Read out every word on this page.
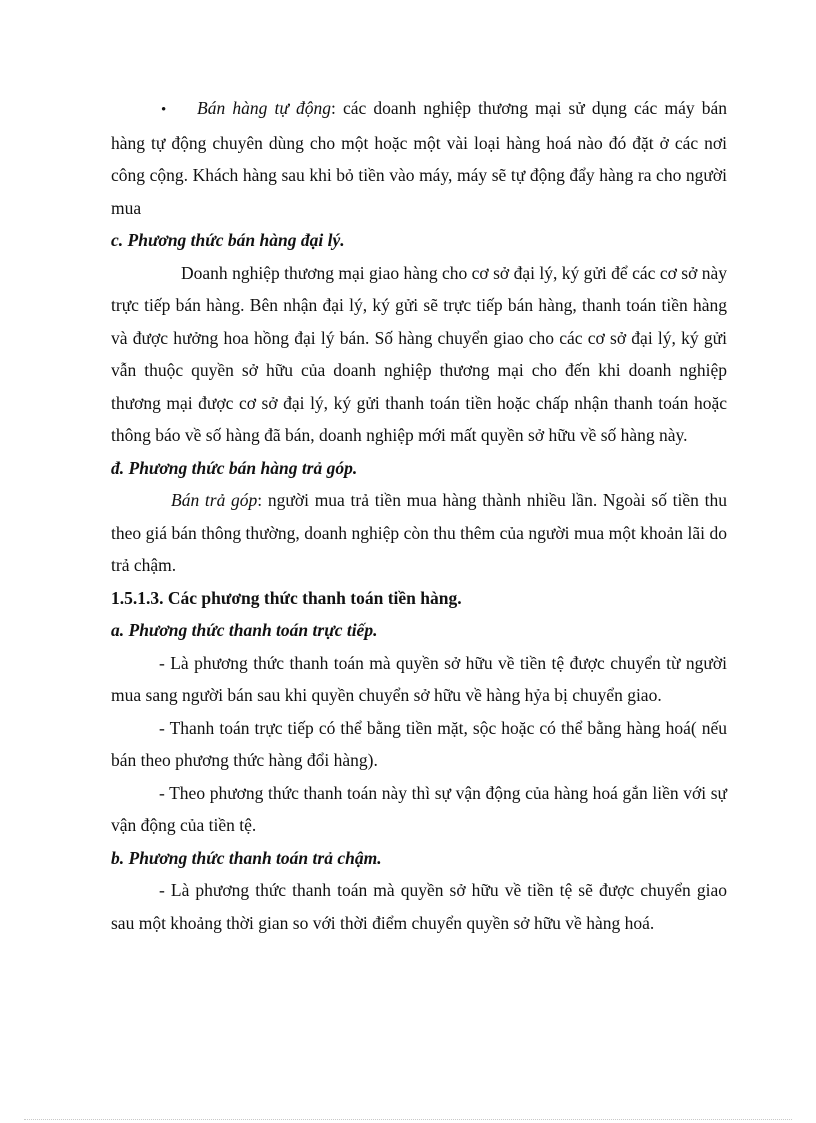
• Bán hàng tự động: các doanh nghiệp thương mại sử dụng các máy bán hàng tự động chuyên dùng cho một hoặc một vài loại hàng hoá nào đó đặt ở các nơi công cộng. Khách hàng sau khi bỏ tiền vào máy, máy sẽ tự động đẩy hàng ra cho người mua

c. Phương thức bán hàng đại lý.

Doanh nghiệp thương mại giao hàng cho cơ sở đại lý, ký gửi để các cơ sở này trực tiếp bán hàng. Bên nhận đại lý, ký gửi sẽ trực tiếp bán hàng, thanh toán tiền hàng và được hưởng hoa hồng đại lý bán. Số hàng chuyển giao cho các cơ sở đại lý, ký gửi vẫn thuộc quyền sở hữu của doanh nghiệp thương mại cho đến khi doanh nghiệp thương mại được cơ sở đại lý, ký gửi thanh toán tiền hoặc chấp nhận thanh toán hoặc thông báo về số hàng đã bán, doanh nghiệp mới mất quyền sở hữu về số hàng này.

đ. Phương thức bán hàng trả góp.

Bán trả góp: người mua trả tiền mua hàng thành nhiều lần. Ngoài số tiền thu theo giá bán thông thường, doanh nghiệp còn thu thêm của người mua một khoản lãi do trả chậm.

1.5.1.3. Các phương thức thanh toán tiền hàng.

a. Phương thức thanh toán trực tiếp.

- Là phương thức thanh toán mà quyền sở hữu về tiền tệ được chuyển từ người mua sang người bán sau khi quyền chuyển sở hữu về hàng hỷa bị chuyển giao.

- Thanh toán trực tiếp có thể bằng tiền mặt, sộc hoặc có thể bằng hàng hoá( nếu bán theo phương thức hàng đổi hàng).

- Theo phương thức thanh toán này thì sự vận động của hàng hoá gắn liền với sự vận động của tiền tệ.

b. Phương thức thanh toán trả chậm.

- Là phương thức thanh toán mà quyền sở hữu về tiền tệ sẽ được chuyển giao sau một khoảng thời gian so với thời điểm chuyển quyền sở hữu về hàng hoá.
